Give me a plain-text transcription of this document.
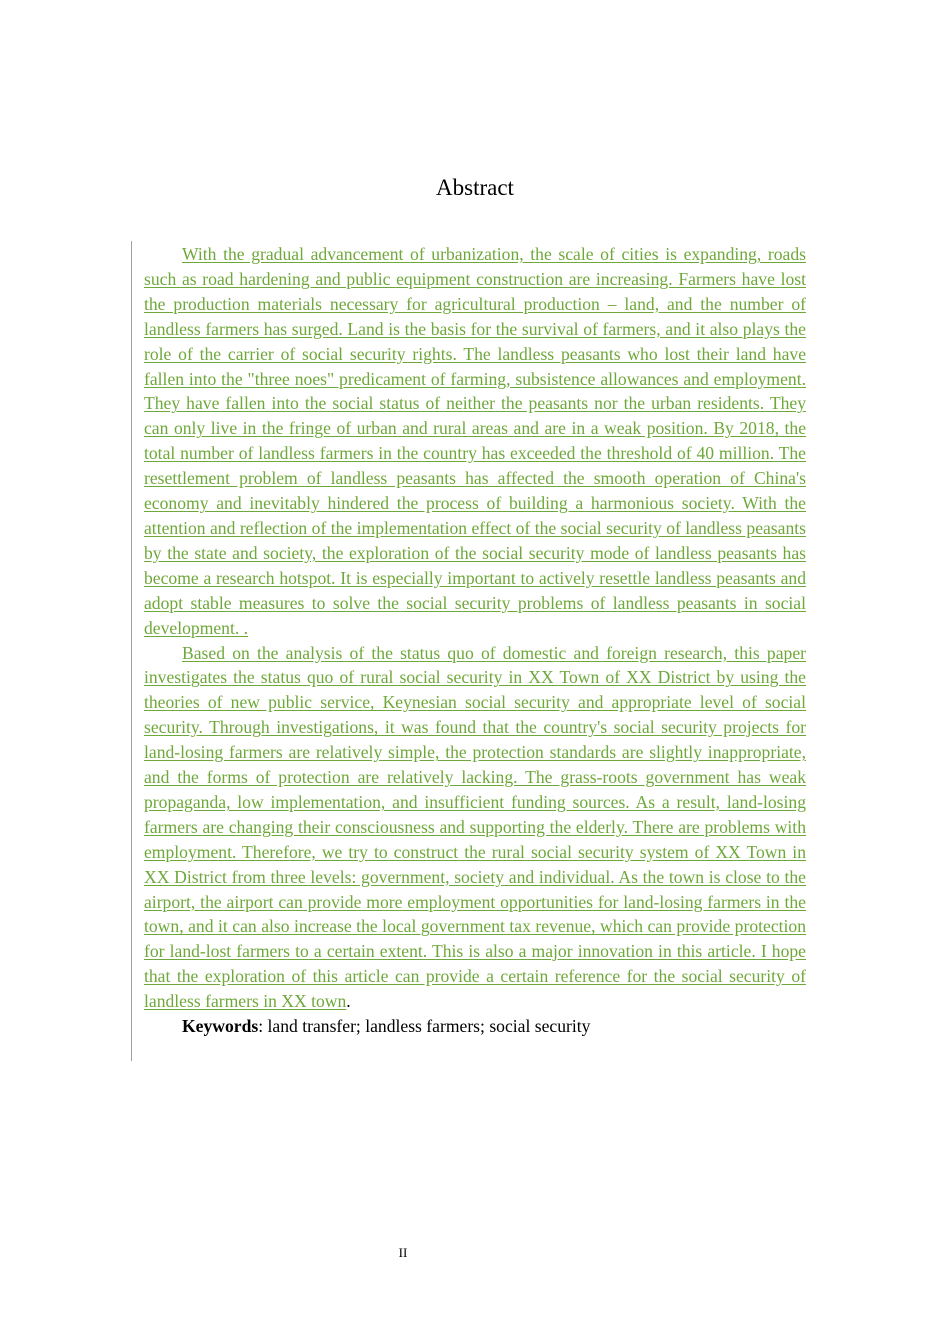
Abstract

With the gradual advancement of urbanization, the scale of cities is expanding, roads such as road hardening and public equipment construction are increasing. Farmers have lost the production materials necessary for agricultural production – land, and the number of landless farmers has surged. Land is the basis for the survival of farmers, and it also plays the role of the carrier of social security rights. The landless peasants who lost their land have fallen into the "three noes" predicament of farming, subsistence allowances and employment. They have fallen into the social status of neither the peasants nor the urban residents. They can only live in the fringe of urban and rural areas and are in a weak position. By 2018, the total number of landless farmers in the country has exceeded the threshold of 40 million. The resettlement problem of landless peasants has affected the smooth operation of China's economy and inevitably hindered the process of building a harmonious society. With the attention and reflection of the implementation effect of the social security of landless peasants by the state and society, the exploration of the social security mode of landless peasants has become a research hotspot. It is especially important to actively resettle landless peasants and adopt stable measures to solve the social security problems of landless peasants in social development. .

Based on the analysis of the status quo of domestic and foreign research, this paper investigates the status quo of rural social security in XX Town of XX District by using the theories of new public service, Keynesian social security and appropriate level of social security. Through investigations, it was found that the country's social security projects for land-losing farmers are relatively simple, the protection standards are slightly inappropriate, and the forms of protection are relatively lacking. The grass-roots government has weak propaganda, low implementation, and insufficient funding sources. As a result, land-losing farmers are changing their consciousness and supporting the elderly. There are problems with employment. Therefore, we try to construct the rural social security system of XX Town in XX District from three levels: government, society and individual. As the town is close to the airport, the airport can provide more employment opportunities for land-losing farmers in the town, and it can also increase the local government tax revenue, which can provide protection for land-lost farmers to a certain extent. This is also a major innovation in this article. I hope that the exploration of this article can provide a certain reference for the social security of landless farmers in XX town.

Keywords: land transfer; landless farmers; social security

II
